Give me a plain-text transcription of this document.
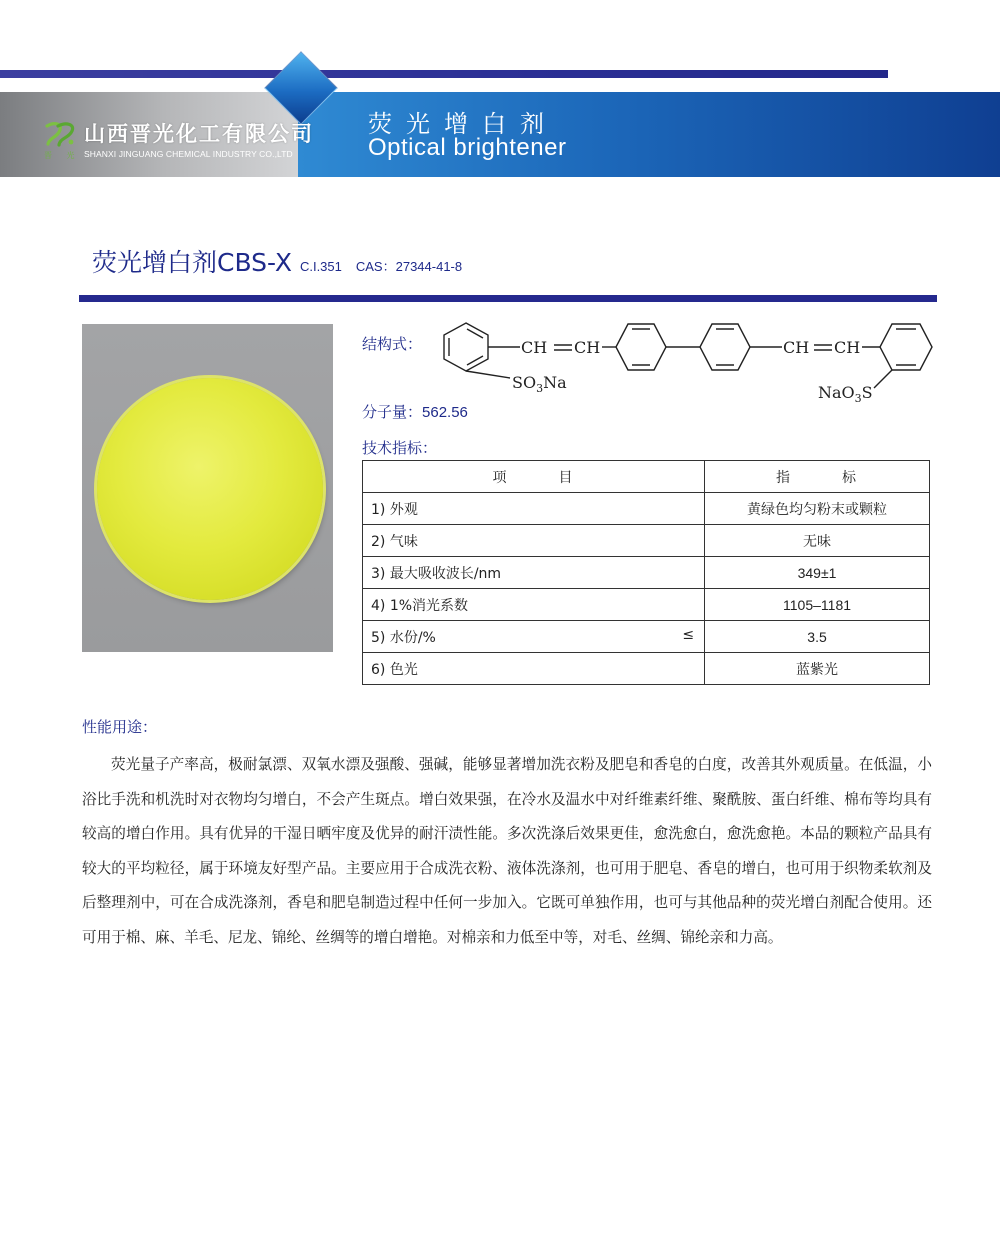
山西晋光化工有限公司
晋 光 SHANXI JINGUANG CHEMICAL INDUSTRY CO.,LTD
荧光增白剂
Optical brightener
荧光增白剂CBS-X C.I.351 CAS：27344-41-8
结构式：	CH CH	CH CH
$SO_3Na$
NaO$_3$S
分子量：562.56
技术指标：
项目	指标
1) 外观	黄绿色均匀粉末或颗粒
2) 气味	无味
3) 最大吸收波长/nm	349±1
4) 1%消光系数	1105–1181
5) 水份/% ≤	3.5
6) 色光	蓝紫光
性能用途：
荧光量子产率高，极耐氯漂、双氧水漂及强酸、强碱，能够显著增加洗衣粉及肥皂和香皂的白度，改善其外观质量。在低温，小浴比手洗和机洗时对衣物均匀增白，不会产生斑点。增白效果强，在冷水及温水中对纤维素纤维、聚酰胺、蛋白纤维、棉布等均具有较高的增白作用。具有优异的干湿日晒牢度及优异的耐汗渍性能。多次洗涤后效果更佳，愈洗愈白，愈洗愈艳。本品的颗粒产品具有较大的平均粒径，属于环境友好型产品。主要应用于合成洗衣粉、液体洗涤剂，也可用于肥皂、香皂的增白，也可用于织物柔软剂及后整理剂中，可在合成洗涤剂，香皂和肥皂制造过程中任何一步加入。它既可单独作用，也可与其他品种的荧光增白剂配合使用。还可用于棉、麻、羊毛、尼龙、锦纶、丝绸等的增白增艳。对棉亲和力低至中等，对毛、丝绸、锦纶亲和力高。
